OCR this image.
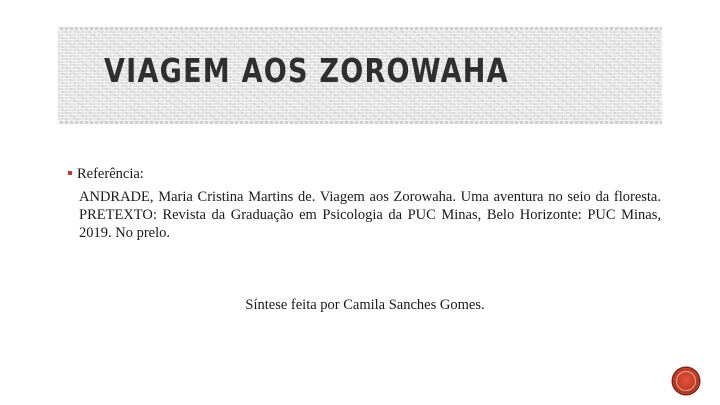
VIAGEM AOS ZOROWAHA
Referência:

ANDRADE, Maria Cristina Martins de. Viagem aos Zorowaha. Uma aventura no seio da floresta. PRETEXTO: Revista da Graduação em Psicologia da PUC Minas, Belo Horizonte: PUC Minas, 2019. No prelo.

Síntese feita por Camila Sanches Gomes.
